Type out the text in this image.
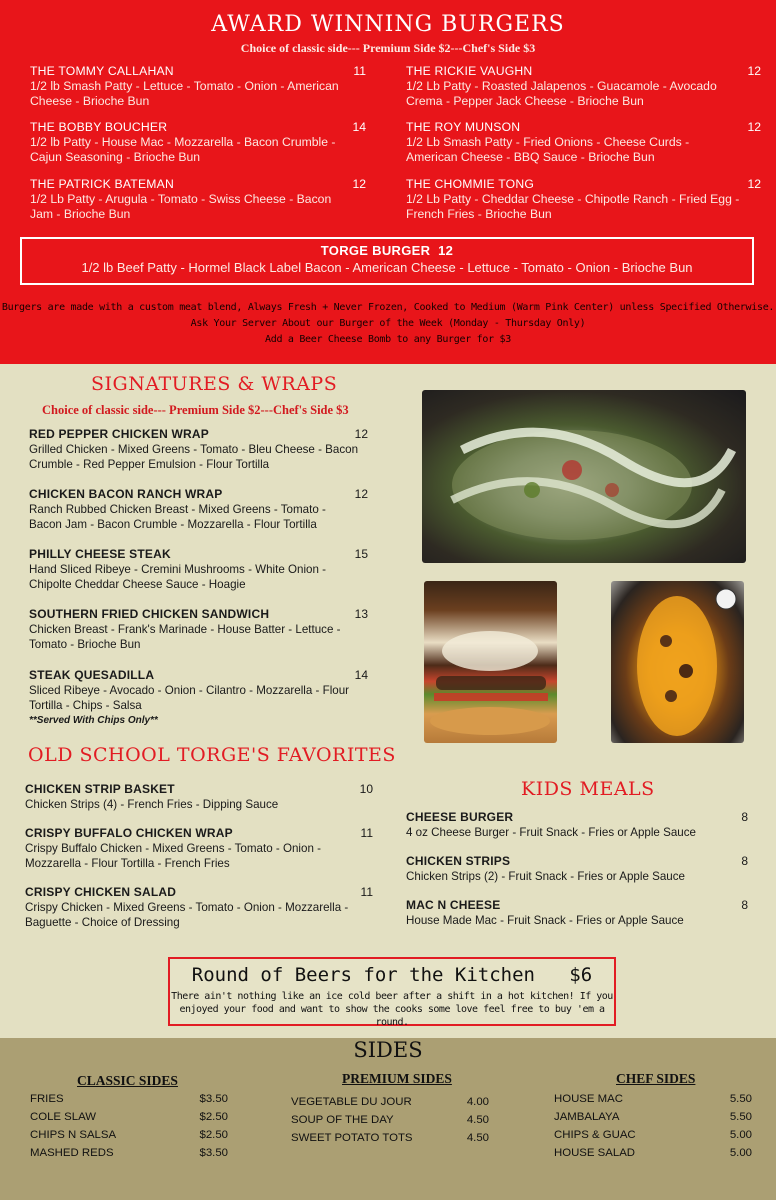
AWARD WINNING BURGERS
Choice of classic side--- Premium Side $2---Chef's Side $3
THE TOMMY CALLAHAN	11
1/2 lb Smash Patty - Lettuce - Tomato - Onion - American
Cheese - Brioche Bun
THE RICKIE VAUGHN	12
1/2 Lb Patty - Roasted Jalapenos - Guacamole - Avocado
Crema - Pepper Jack Cheese - Brioche Bun
THE BOBBY BOUCHER	14
1/2 lb Patty - House Mac - Mozzarella - Bacon Crumble -
Cajun Seasoning - Brioche Bun
THE ROY MUNSON	12
1/2 Lb Smash Patty - Fried Onions - Cheese Curds -
American Cheese - BBQ Sauce - Brioche Bun
THE PATRICK BATEMAN	12
1/2 Lb Patty - Arugula - Tomato - Swiss Cheese - Bacon
Jam - Brioche Bun
THE CHOMMIE TONG	12
1/2 Lb Patty - Cheddar Cheese - Chipotle Ranch - Fried Egg -
French Fries - Brioche Bun
TORGE BURGER 12
1/2 lb Beef Patty - Hormel Black Label Bacon - American Cheese - Lettuce - Tomato - Onion - Brioche Bun
Burgers are made with a custom meat blend, Always Fresh + Never Frozen, Cooked to Medium (Warm Pink Center) unless Specified Otherwise.
Ask Your Server About our Burger of the Week (Monday - Thursday Only)
Add a Beer Cheese Bomb to any Burger for $3
SIGNATURES & WRAPS
Choice of classic side--- Premium Side $2---Chef's Side $3
RED PEPPER CHICKEN WRAP	12
Grilled Chicken - Mixed Greens - Tomato - Bleu Cheese - Bacon
Crumble - Red Pepper Emulsion - Flour Tortilla
CHICKEN BACON RANCH WRAP	12
Ranch Rubbed Chicken Breast - Mixed Greens - Tomato -
Bacon Jam - Bacon Crumble - Mozzarella - Flour Tortilla
PHILLY CHEESE STEAK	15
Hand Sliced Ribeye - Cremini Mushrooms - White Onion -
Chipolte Cheddar Cheese Sauce - Hoagie
SOUTHERN FRIED CHICKEN SANDWICH	13
Chicken Breast - Frank's Marinade - House Batter - Lettuce -
Tomato - Brioche Bun
STEAK QUESADILLA	14
Sliced Ribeye - Avocado - Onion - Cilantro - Mozzarella - Flour
Tortilla - Chips - Salsa
**Served With Chips Only**
OLD SCHOOL TORGE'S FAVORITES
CHICKEN STRIP BASKET	10
Chicken Strips (4) - French Fries - Dipping Sauce
CRISPY BUFFALO CHICKEN WRAP	11
Crispy Buffalo Chicken - Mixed Greens - Tomato - Onion -
Mozzarella - Flour Tortilla - French Fries
CRISPY CHICKEN SALAD	11
Crispy Chicken - Mixed Greens - Tomato - Onion - Mozzarella -
Baguette - Choice of Dressing
KIDS MEALS
CHEESE BURGER	8
4 oz Cheese Burger - Fruit Snack - Fries or Apple Sauce
CHICKEN STRIPS	8
Chicken Strips (2) - Fruit Snack - Fries or Apple Sauce
MAC N CHEESE	8
House Made Mac - Fruit Snack - Fries or Apple Sauce
Round of Beers for the Kitchen $6
There ain't nothing like an ice cold beer after a shift in a hot kitchen! If you
enjoyed your food and want to show the cooks some love feel free to buy 'em a round.
SIDES
CLASSIC SIDES
FRIES	$3.50
COLE SLAW	$2.50
CHIPS N SALSA	$2.50
MASHED REDS	$3.50
PREMIUM SIDES
VEGETABLE DU JOUR	4.00
SOUP OF THE DAY	4.50
SWEET POTATO TOTS	4.50
CHEF SIDES
HOUSE MAC	5.50
JAMBALAYA	5.50
CHIPS & GUAC	5.00
HOUSE SALAD	5.00
